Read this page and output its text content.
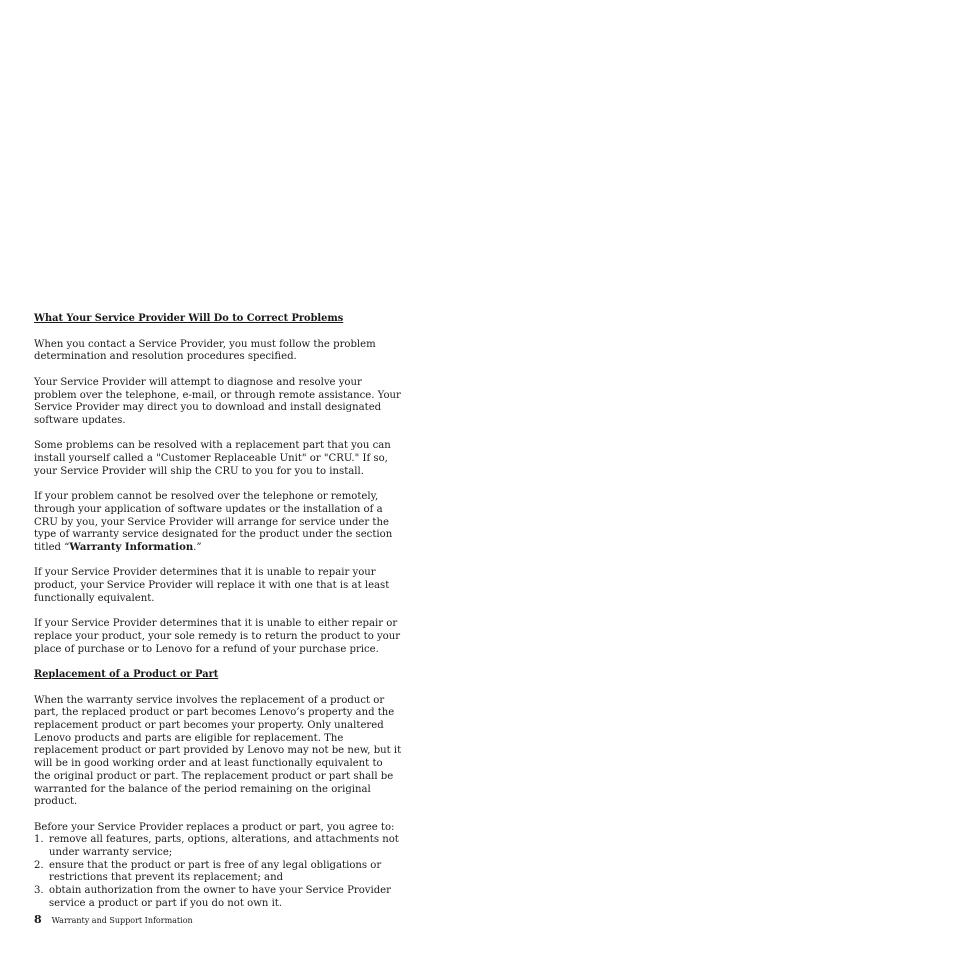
What Your Service Provider Will Do to Correct Problems

When you contact a Service Provider, you must follow the problem determination and resolution procedures specified.

Your Service Provider will attempt to diagnose and resolve your problem over the telephone, e-mail, or through remote assistance. Your Service Provider may direct you to download and install designated software updates.

Some problems can be resolved with a replacement part that you can install yourself called a "Customer Replaceable Unit" or "CRU." If so, your Service Provider will ship the CRU to you for you to install.

If your problem cannot be resolved over the telephone or remotely, through your application of software updates or the installation of a CRU by you, your Service Provider will arrange for service under the type of warranty service designated for the product under the section titled “Warranty Information.”

If your Service Provider determines that it is unable to repair your product, your Service Provider will replace it with one that is at least functionally equivalent.

If your Service Provider determines that it is unable to either repair or replace your product, your sole remedy is to return the product to your place of purchase or to Lenovo for a refund of your purchase price.

Replacement of a Product or Part

When the warranty service involves the replacement of a product or part, the replaced product or part becomes Lenovo’s property and the replacement product or part becomes your property. Only unaltered Lenovo products and parts are eligible for replacement. The replacement product or part provided by Lenovo may not be new, but it will be in good working order and at least functionally equivalent to the original product or part. The replacement product or part shall be warranted for the balance of the period remaining on the original product.

Before your Service Provider replaces a product or part, you agree to:

1. remove all features, parts, options, alterations, and attachments not under warranty service;
2. ensure that the product or part is free of any legal obligations or restrictions that prevent its replacement; and
3. obtain authorization from the owner to have your Service Provider service a product or part if you do not own it.
8 Warranty and Support Information
